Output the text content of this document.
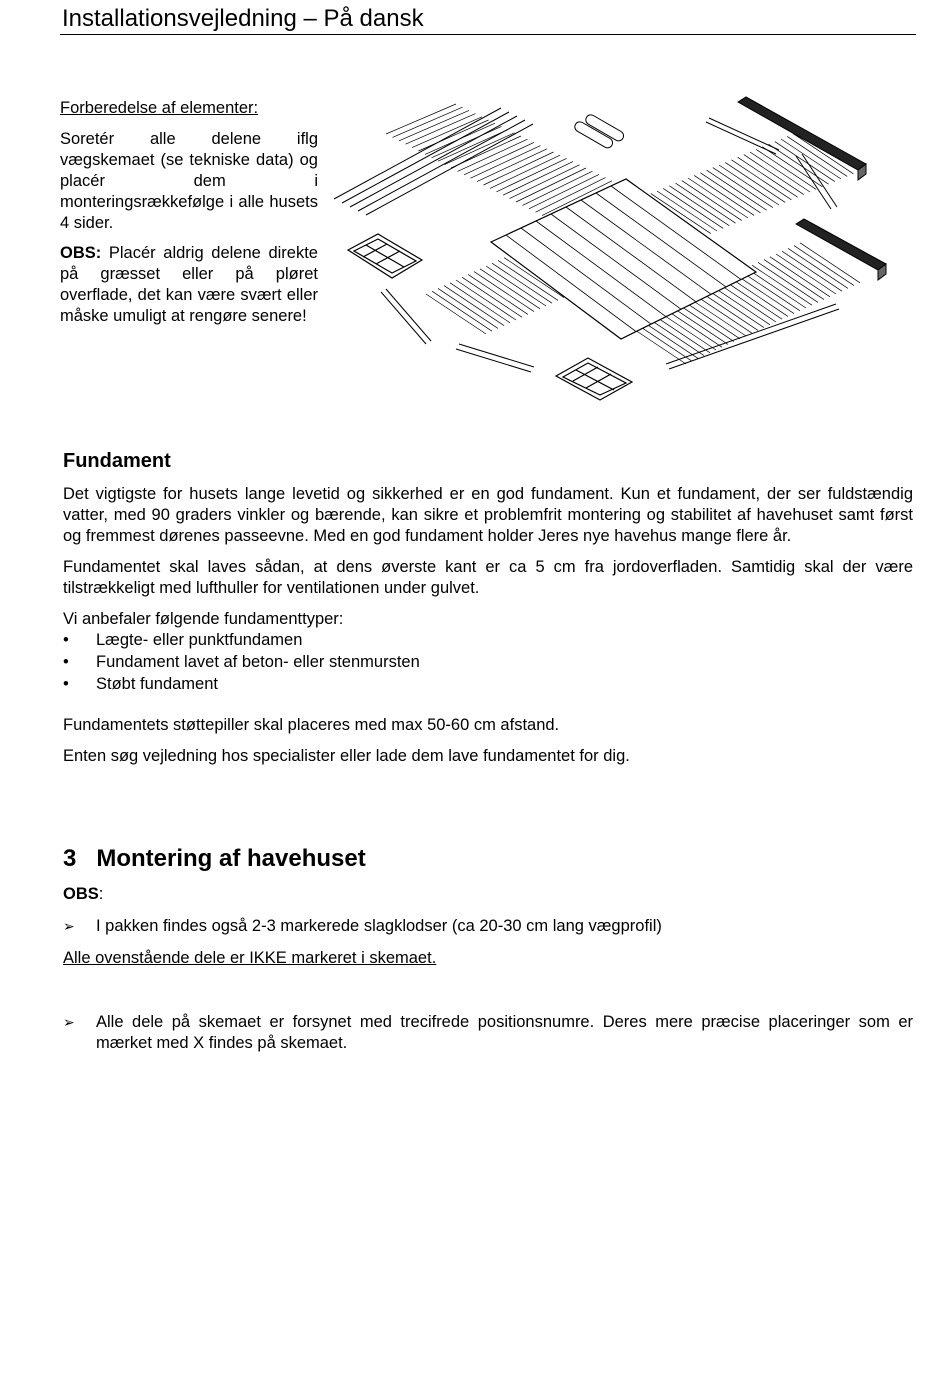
Installationsvejledning – På dansk
Forberedelse af elementer:

Soretér alle delene iflg vægskemaet (se tekniske data) og placér dem i monteringsrækkefølge i alle husets 4 sider.

OBS: Placér aldrig delene direkte på græsset eller på pløret overflade, det kan være svært eller måske umuligt at rengøre senere!

Fundament

Det vigtigste for husets lange levetid og sikkerhed er en god fundament. Kun et fundament, der ser fuldstændig vatter, med 90 graders vinkler og bærende, kan sikre et problemfrit montering og stabilitet af havehuset samt først og fremmest dørenes passeevne. Med en god fundament holder Jeres nye havehus mange flere år.

Fundamentet skal laves sådan, at dens øverste kant er ca 5 cm fra jordoverfladen. Samtidig skal der være tilstrækkeligt med lufthuller for ventilationen under gulvet.

Vi anbefaler følgende fundamenttyper:

•	Lægte- eller punktfundamen
•	Fundament lavet af beton- eller stenmursten
•	Støbt fundament

Fundamentets støttepiller skal placeres med max 50-60 cm afstand.

Enten søg vejledning hos specialister eller lade dem lave fundamentet for dig.

3 Montering af havehuset
OBS:
➢	I pakken findes også 2-3 markerede slagklodser (ca 20-30 cm lang vægprofil)
Alle ovenstående dele er IKKE markeret i skemaet.
➢	Alle dele på skemaet er forsynet med trecifrede positionsnumre. Deres mere præcise placeringer som er mærket med X findes på skemaet.
